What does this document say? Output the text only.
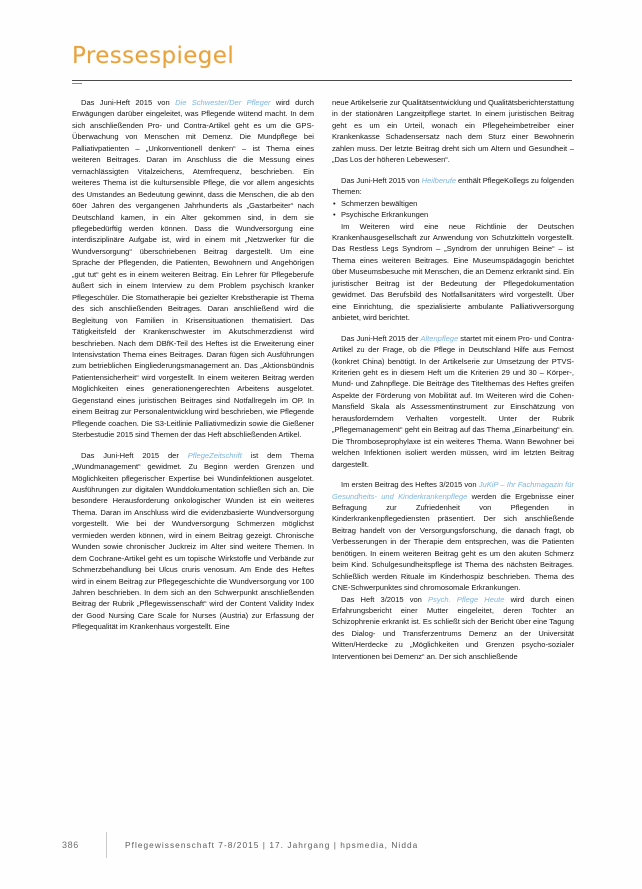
Pressespiegel

Das Juni-Heft 2015 von Die Schwester/Der Pfleger wird durch Erwägungen darüber eingeleitet, was Pflegende wütend macht. In dem sich anschließenden Pro- und Contra-Artikel geht es um die GPS-Überwachung von Menschen mit Demenz. Die Mundpflege bei Palliativpatienten – „Unkonventionell denken“ – ist Thema eines weiteren Beitrages. Daran im Anschluss die die Messung eines vernachlässigten Vitalzeichens, Atemfrequenz, beschrieben. Ein weiteres Thema ist die kultursensible Pflege, die vor allem angesichts des Umstandes an Bedeutung gewinnt, dass die Menschen, die ab den 60er Jahren des vergangenen Jahrhunderts als „Gastarbeiter“ nach Deutschland kamen, in ein Alter gekommen sind, in dem sie pflegebedürftig werden können. Dass die Wundversorgung eine interdisziplinäre Aufgabe ist, wird in einem mit „Netzwerker für die Wundversorgung“ überschriebenen Beitrag dargestellt. Um eine Sprache der Pflegenden, die Patienten, Bewohnern und Angehörigen „gut tut“ geht es in einem weiteren Beitrag. Ein Lehrer für Pflegeberufe äußert sich in einem Interview zu dem Problem psychisch kranker Pflegeschüler. Die Stomatherapie bei gezielter Krebstherapie ist Thema des sich anschließenden Beitrages. Daran anschließend wird die Begleitung von Familien in Krisensituationen thematisiert. Das Tätigkeitsfeld der Krankenschwester im Akutschmerzdienst wird beschrieben. Nach dem DBfK-Teil des Heftes ist die Erweiterung einer Intensivstation Thema eines Beitrages. Daran fügen sich Ausführungen zum betrieblichen Eingliederungsmanagement an. Das „Aktionsbündnis Patientensicherheit“ wird vorgestellt. In einem weiteren Beitrag werden Möglichkeiten eines generationengerechten Arbeitens ausgelotet. Gegenstand eines juristischen Beitrages sind Notfallregeln im OP. In einem Beitrag zur Personalentwicklung wird beschrieben, wie Pflegende Pflegende coachen. Die S3-Leitlinie Palliativmedizin sowie die Gießener Sterbestudie 2015 sind Themen der das Heft abschließenden Artikel.

Das Juni-Heft 2015 der PflegeZeitschrift ist dem Thema „Wundmanagement“ gewidmet. Zu Beginn werden Grenzen und Möglichkeiten pflegerischer Expertise bei Wundinfektionen ausgelotet. Ausführungen zur digitalen Wunddokumentation schließen sich an. Die besondere Herausforderung onkologischer Wunden ist ein weiteres Thema. Daran im Anschluss wird die evidenzbasierte Wundversorgung vorgestellt. Wie bei der Wundversorgung Schmerzen möglichst vermieden werden können, wird in einem Beitrag gezeigt. Chronische Wunden sowie chronischer Juckreiz im Alter sind weitere Themen. In dem Cochrane-Artikel geht es um topische Wirkstoffe und Verbände zur Schmerzbehandlung bei Ulcus cruris venosum. Am Ende des Heftes wird in einem Beitrag zur Pflegegeschichte die Wundversorgung vor 100 Jahren beschrieben. In dem sich an den Schwerpunkt anschließenden Beitrag der Rubrik „Pflegewissenschaft“ wird der Content Validity Index der Good Nursing Care Scale for Nurses (Austria) zur Erfassung der Pflegequalität im Krankenhaus vorgestellt. Eine

neue Artikelserie zur Qualitätsentwicklung und Qualitätsberichterstattung in der stationären Langzeitpflege startet. In einem juristischen Beitrag geht es um ein Urteil, wonach ein Pflegeheimbetreiber einer Krankenkasse Schadensersatz nach dem Sturz einer Bewohnerin zahlen muss. Der letzte Beitrag dreht sich um Altern und Gesundheit – „Das Los der höheren Lebewesen“.

Das Juni-Heft 2015 von Heilberufe enthält PflegeKollegs zu folgenden Themen:

• Schmerzen bewältigen
• Psychische Erkrankungen

Im Weiteren wird eine neue Richtlinie der Deutschen Krankenhausgesellschaft zur Anwendung von Schutzkitteln vorgestellt. Das Restless Legs Syndrom – „Syndrom der unruhigen Beine“ – ist Thema eines weiteren Beitrages. Eine Museumspädagogin berichtet über Museumsbesuche mit Menschen, die an Demenz erkrankt sind. Ein juristischer Beitrag ist der Bedeutung der Pflegedokumentation gewidmet. Das Berufsbild des Notfallsanitäters wird vorgestellt. Über eine Einrichtung, die spezialisierte ambulante Palliativversorgung anbietet, wird berichtet.

Das Juni-Heft 2015 der Altenpflege startet mit einem Pro- und Contra-Artikel zu der Frage, ob die Pflege in Deutschland Hilfe aus Fernost (konkret China) benötigt. In der Artikelserie zur Umsetzung der PTVS-Kriterien geht es in diesem Heft um die Kriterien 29 und 30 – Körper-, Mund- und Zahnpflege. Die Beiträge des Titelthemas des Heftes greifen Aspekte der Förderung von Mobilität auf. Im Weiteren wird die Cohen-Mansfield Skala als Assessmentinstrument zur Einschätzung von herausforderndem Verhalten vorgestellt. Unter der Rubrik „Pflegemanagement“ geht ein Beitrag auf das Thema „Einarbeitung“ ein. Die Thromboseprophylaxe ist ein weiteres Thema. Wann Bewohner bei welchen Infektionen isoliert werden müssen, wird im letzten Beitrag dargestellt.

Im ersten Beitrag des Heftes 3/2015 von JuKiP – Ihr Fachmagazin für Gesundheits- und Kinderkrankenpflege werden die Ergebnisse einer Befragung zur Zufriedenheit von Pflegenden in Kinderkrankenpflegediensten präsentiert. Der sich anschließende Beitrag handelt von der Versorgungsforschung, die danach fragt, ob Verbesserungen in der Therapie dem entsprechen, was die Patienten benötigen. In einem weiteren Beitrag geht es um den akuten Schmerz beim Kind. Schulgesundheitspflege ist Thema des nächsten Beitrages. Schließlich werden Rituale im Kinderhospiz beschrieben. Thema des CNE-Schwerpunktes sind chromosomale Erkrankungen.

Das Heft 3/2015 von Psych. Pflege Heute wird durch einen Erfahrungsbericht einer Mutter eingeleitet, deren Tochter an Schizophrenie erkrankt ist. Es schließt sich der Bericht über eine Tagung des Dialog- und Transferzentrums Demenz an der Universität Witten/Herdecke zu „Möglichkeiten und Grenzen psycho-sozialer Interventionen bei Demenz“ an. Der sich anschließende

386	Pflegewissenschaft 7-8/2015 | 17. Jahrgang | hpsmedia, Nidda
